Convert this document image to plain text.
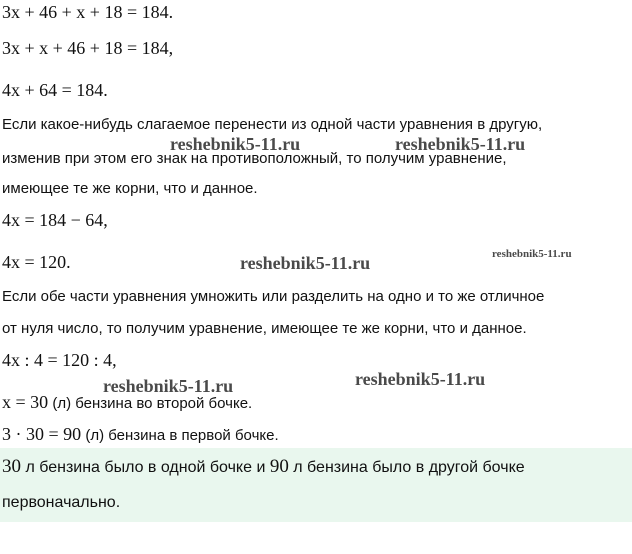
3x + 46 + x + 18 = 184.
3x + x + 46 + 18 = 184,
4x + 64 = 184.
Если какое-нибудь слагаемое перенести из одной части уравнения в другую,
изменив при этом его знак на противоположный, то получим уравнение,
имеющее те же корни, что и данное.
4x = 184 − 64,
4x = 120.
Если обе части уравнения умножить или разделить на одно и то же отличное
от нуля число, то получим уравнение, имеющее те же корни, что и данное.
4x : 4 = 120 : 4,
x = 30 (л) бензина во второй бочке.
3 · 30 = 90 (л) бензина в первой бочке.
30 л бензина было в одной бочке и 90 л бензина было в другой бочке
первоначально.
reshebnik5-11.ru	reshebnik5-11.ru
reshebnik5-11.ru	reshebnik5-11.ru
reshebnik5-11.ru	reshebnik5-11.ru
